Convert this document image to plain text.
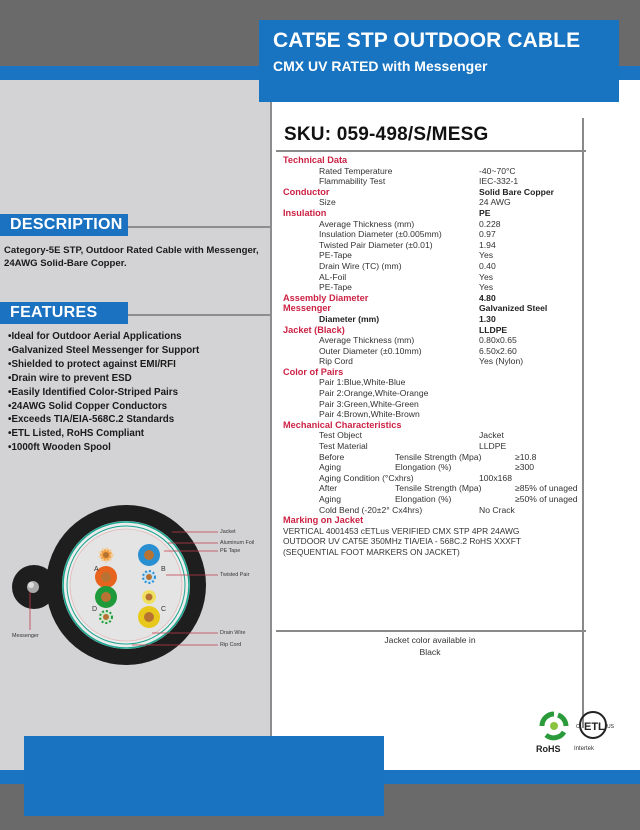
CAT5E STP OUTDOOR CABLE
CMX UV RATED with Messenger
SKU: 059-498/S/MESG
Technical Data
Rated Temperature	-40~70°C
Flammability Test	IEC-332-1
Conductor	Solid Bare Copper
Size	24 AWG
Insulation	PE
Average Thickness (mm)	0.228
Insulation Diameter (±0.005mm)	0.97
Twisted Pair Diameter (±0.01)	1.94
PE-Tape	Yes
Drain Wire (TC) (mm)	0.40
AL-Foil	Yes
PE-Tape	Yes
Assembly Diameter	4.80
Messenger	Galvanized Steel
Diameter (mm)	1.30
Jacket (Black)	LLDPE
Average Thickness (mm)	0.80x0.65
Outer Diameter (±0.10mm)	6.50x2.60
Rip Cord	Yes (Nylon)
Color of Pairs
Pair 1:Blue,White-Blue
Pair 2:Orange,White-Orange
Pair 3:Green,White-Green
Pair 4:Brown,White-Brown
Mechanical Characteristics
Test Object	Jacket
Test Material	LLDPE
Before	Tensile Strength (Mpa)	≥10.8
Aging	Elongation (%)	≥300
Aging Condition (°Cxhrs)	100x168
After	Tensile Strength (Mpa)	≥85% of unaged
Aging	Elongation (%)	≥50% of unaged
Cold Bend (-20±2° Cx4hrs)	No Crack
Marking on Jacket
VERTICAL 4001453 cETLus VERIFIED CMX STP 4PR 24AWG
OUTDOOR UV CAT5E 350MHz TIA/EIA - 568C.2 RoHS XXXFT
(SEQUENTIAL FOOT MARKERS ON JACKET)
Jacket color available in
Black
DESCRIPTION
Category-5E STP, Outdoor Rated Cable with Messenger, 24AWG Solid-Bare Copper.
FEATURES
• Ideal for Outdoor Aerial Applications
• Galvanized Steel Messenger for Support
• Shielded to protect against EMI/RFI
• Drain wire to prevent ESD
• Easily Identified Color-Striped Pairs
• 24AWG Solid Copper Conductors
• Exceeds TIA/EIA-568C.2 Standards
• ETL Listed, RoHS Compliant
• 1000ft Wooden Spool
A	B
C
D
Jacket
Aluminum Foil
PE Tape
Twisted Pair
Drain Wire
Rip Cord
Messenger
ETL
C	US
RoHS Intertek
